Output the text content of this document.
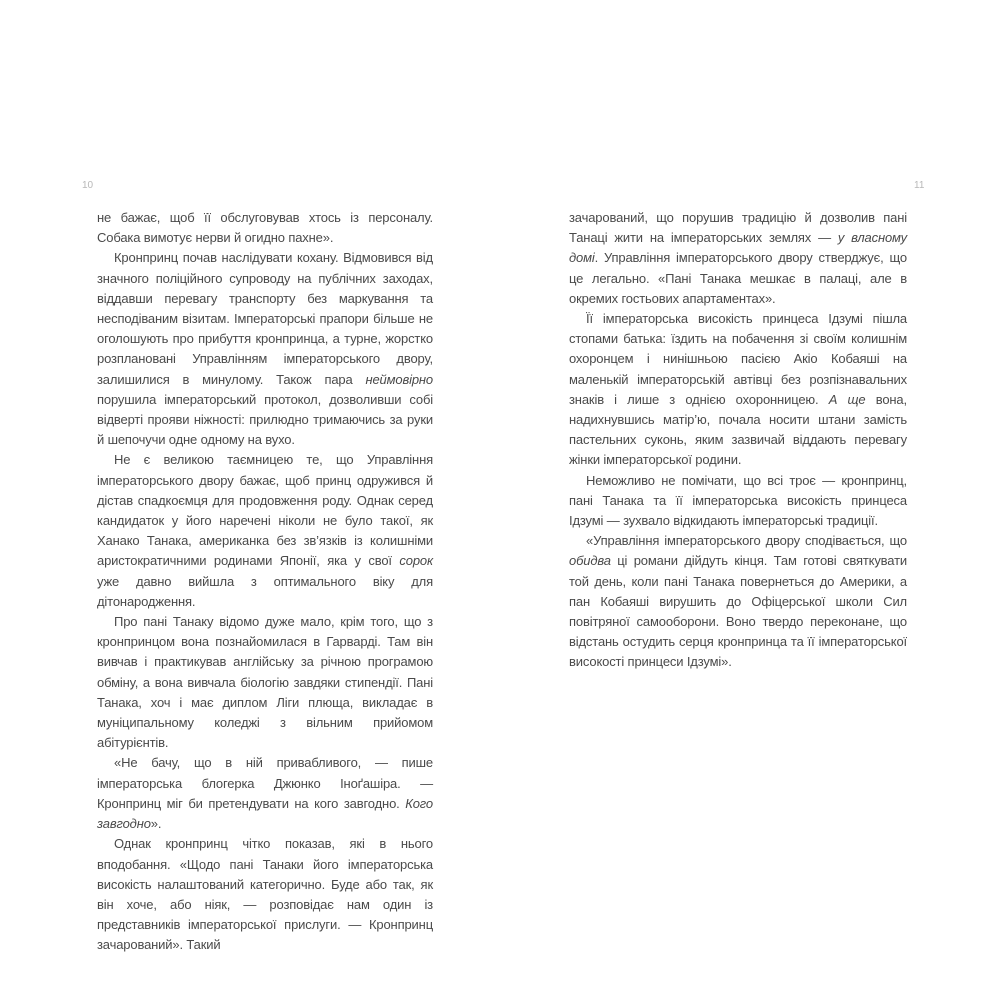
10	11

не бажає, щоб її обслуговував хтось із персоналу. Собака вимотує нерви й огидно пахне».

Кронпринц почав наслідувати кохану. Відмовився від значного поліційного супроводу на публічних заходах, віддавши перевагу транспорту без маркування та несподіваним візитам. Імператорські прапори більше не оголошують про прибуття кронпринца, а турне, жорстко розплановані Управлінням імператорського двору, залишилися в минулому. Також пара неймовірно порушила імператорський протокол, дозволивши собі відверті прояви ніжності: прилюдно тримаючись за руки й шепочучи одне одному на вухо.

Не є великою таємницею те, що Управління імператорського двору бажає, щоб принц одружився й дістав спадкоємця для продовження роду. Однак серед кандидаток у його наречені ніколи не було такої, як Ханако Танака, американка без зв’язків із колишніми аристократичними родинами Японії, яка у свої сорок уже давно вийшла з оптимального віку для дітонародження.

Про пані Танаку відомо дуже мало, крім того, що з кронпринцом вона познайомилася в Гарварді. Там він вивчав і практикував англійську за річною програмою обміну, а вона вивчала біологію завдяки стипендії. Пані Танака, хоч і має диплом Ліги плюща, викладає в муніципальному коледжі з вільним прийомом абітурієнтів.

«Не бачу, що в ній привабливого, — пише імператорська блогерка Джюнко Іноґашіра. — Кронпринц міг би претендувати на кого завгодно. Кого завгодно».

Однак кронпринц чітко показав, які в нього вподобання. «Щодо пані Танаки його імператорська високість налаштований категорично. Буде або так, як він хоче, або ніяк, — розповідає нам один із представників імператорської прислуги. — Кронпринц зачарований». Такий

зачарований, що порушив традицію й дозволив пані Танаці жити на імператорських землях — у власному домі. Управління імператорського двору стверджує, що це легально. «Пані Танака мешкає в палаці, але в окремих гостьових апартаментах».

Її імператорська високість принцеса Ідзумі пішла стопами батька: їздить на побачення зі своїм колишнім охоронцем і нинішньою пасією Акіо Кобаяші на маленькій імператорській автівці без розпізнавальних знаків і лише з однією охоронницею. А ще вона, надихнувшись матір’ю, почала носити штани замість пастельних суконь, яким зазвичай віддають перевагу жінки імператорської родини.

Неможливо не помічати, що всі троє — кронпринц, пані Танака та її імператорська високість принцеса Ідзумі — зухвало відкидають імператорські традиції.

«Управління імператорського двору сподівається, що обидва ці романи дійдуть кінця. Там готові святкувати той день, коли пані Танака повернеться до Америки, а пан Кобаяші вирушить до Офіцерської школи Сил повітряної самооборони. Воно твердо переконане, що відстань остудить серця кронпринца та її імператорської високості принцеси Ідзумі».
